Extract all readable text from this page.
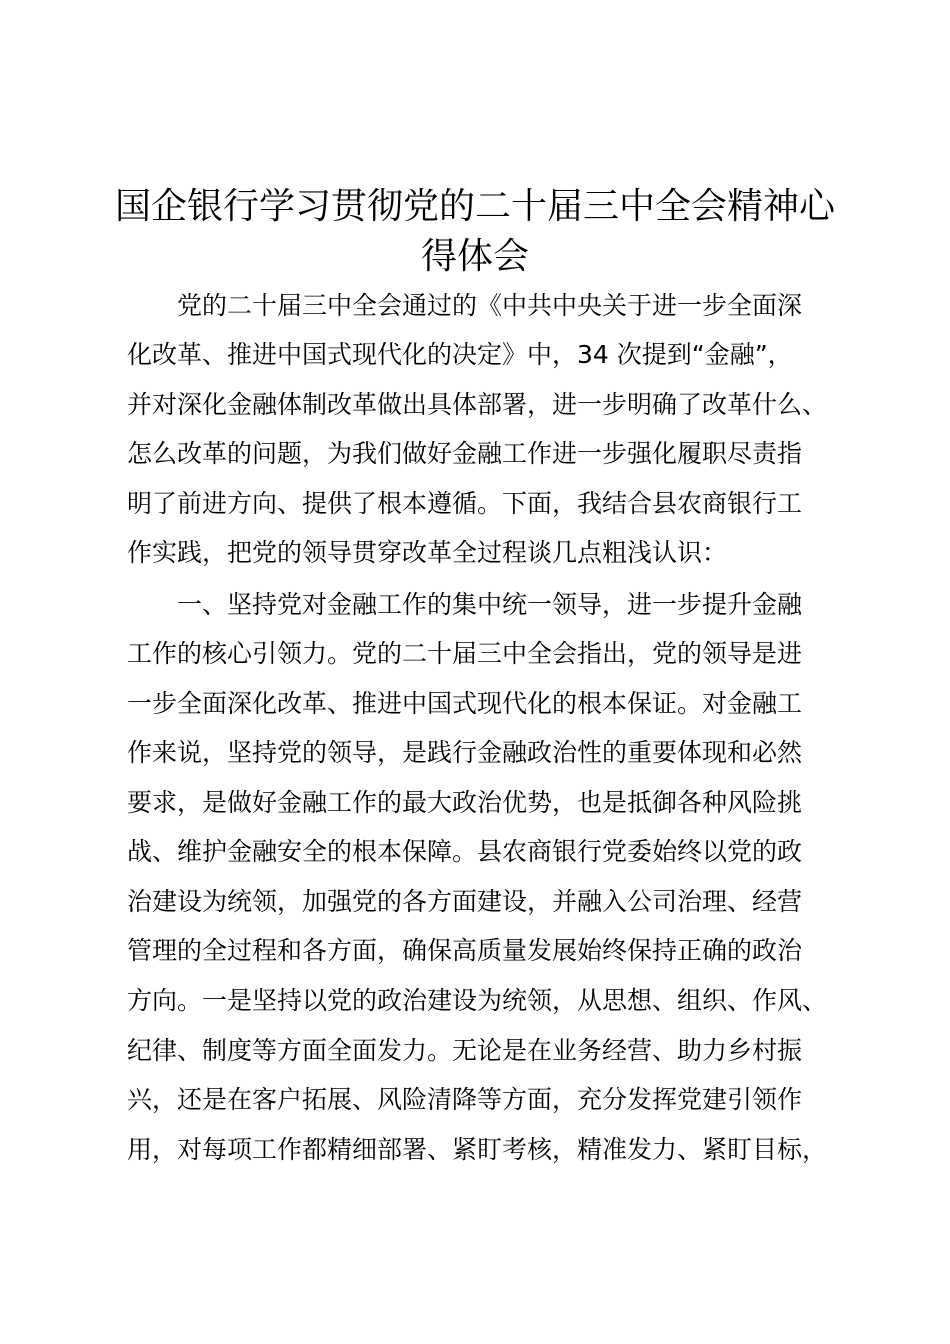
国企银行学习贯彻党的二十届三中全会精神心
得体会

　　党的二十届三中全会通过的《中共中央关于进一步全面深

化改革、推进中国式现代化的决定》中，34 次提到“金融”，

并对深化金融体制改革做出具体部署，进一步明确了改革什么、

怎么改革的问题，为我们做好金融工作进一步强化履职尽责指

明了前进方向、提供了根本遵循。下面，我结合县农商银行工

作实践，把党的领导贯穿改革全过程谈几点粗浅认识：

　　一、坚持党对金融工作的集中统一领导，进一步提升金融

工作的核心引领力。党的二十届三中全会指出，党的领导是进

一步全面深化改革、推进中国式现代化的根本保证。对金融工

作来说，坚持党的领导，是践行金融政治性的重要体现和必然

要求，是做好金融工作的最大政治优势，也是抵御各种风险挑

战、维护金融安全的根本保障。县农商银行党委始终以党的政

治建设为统领，加强党的各方面建设，并融入公司治理、经营

管理的全过程和各方面，确保高质量发展始终保持正确的政治

方向。一是坚持以党的政治建设为统领，从思想、组织、作风、

纪律、制度等方面全面发力。无论是在业务经营、助力乡村振

兴，还是在客户拓展、风险清降等方面，充分发挥党建引领作

用，对每项工作都精细部署、紧盯考核，精准发力、紧盯目标，
